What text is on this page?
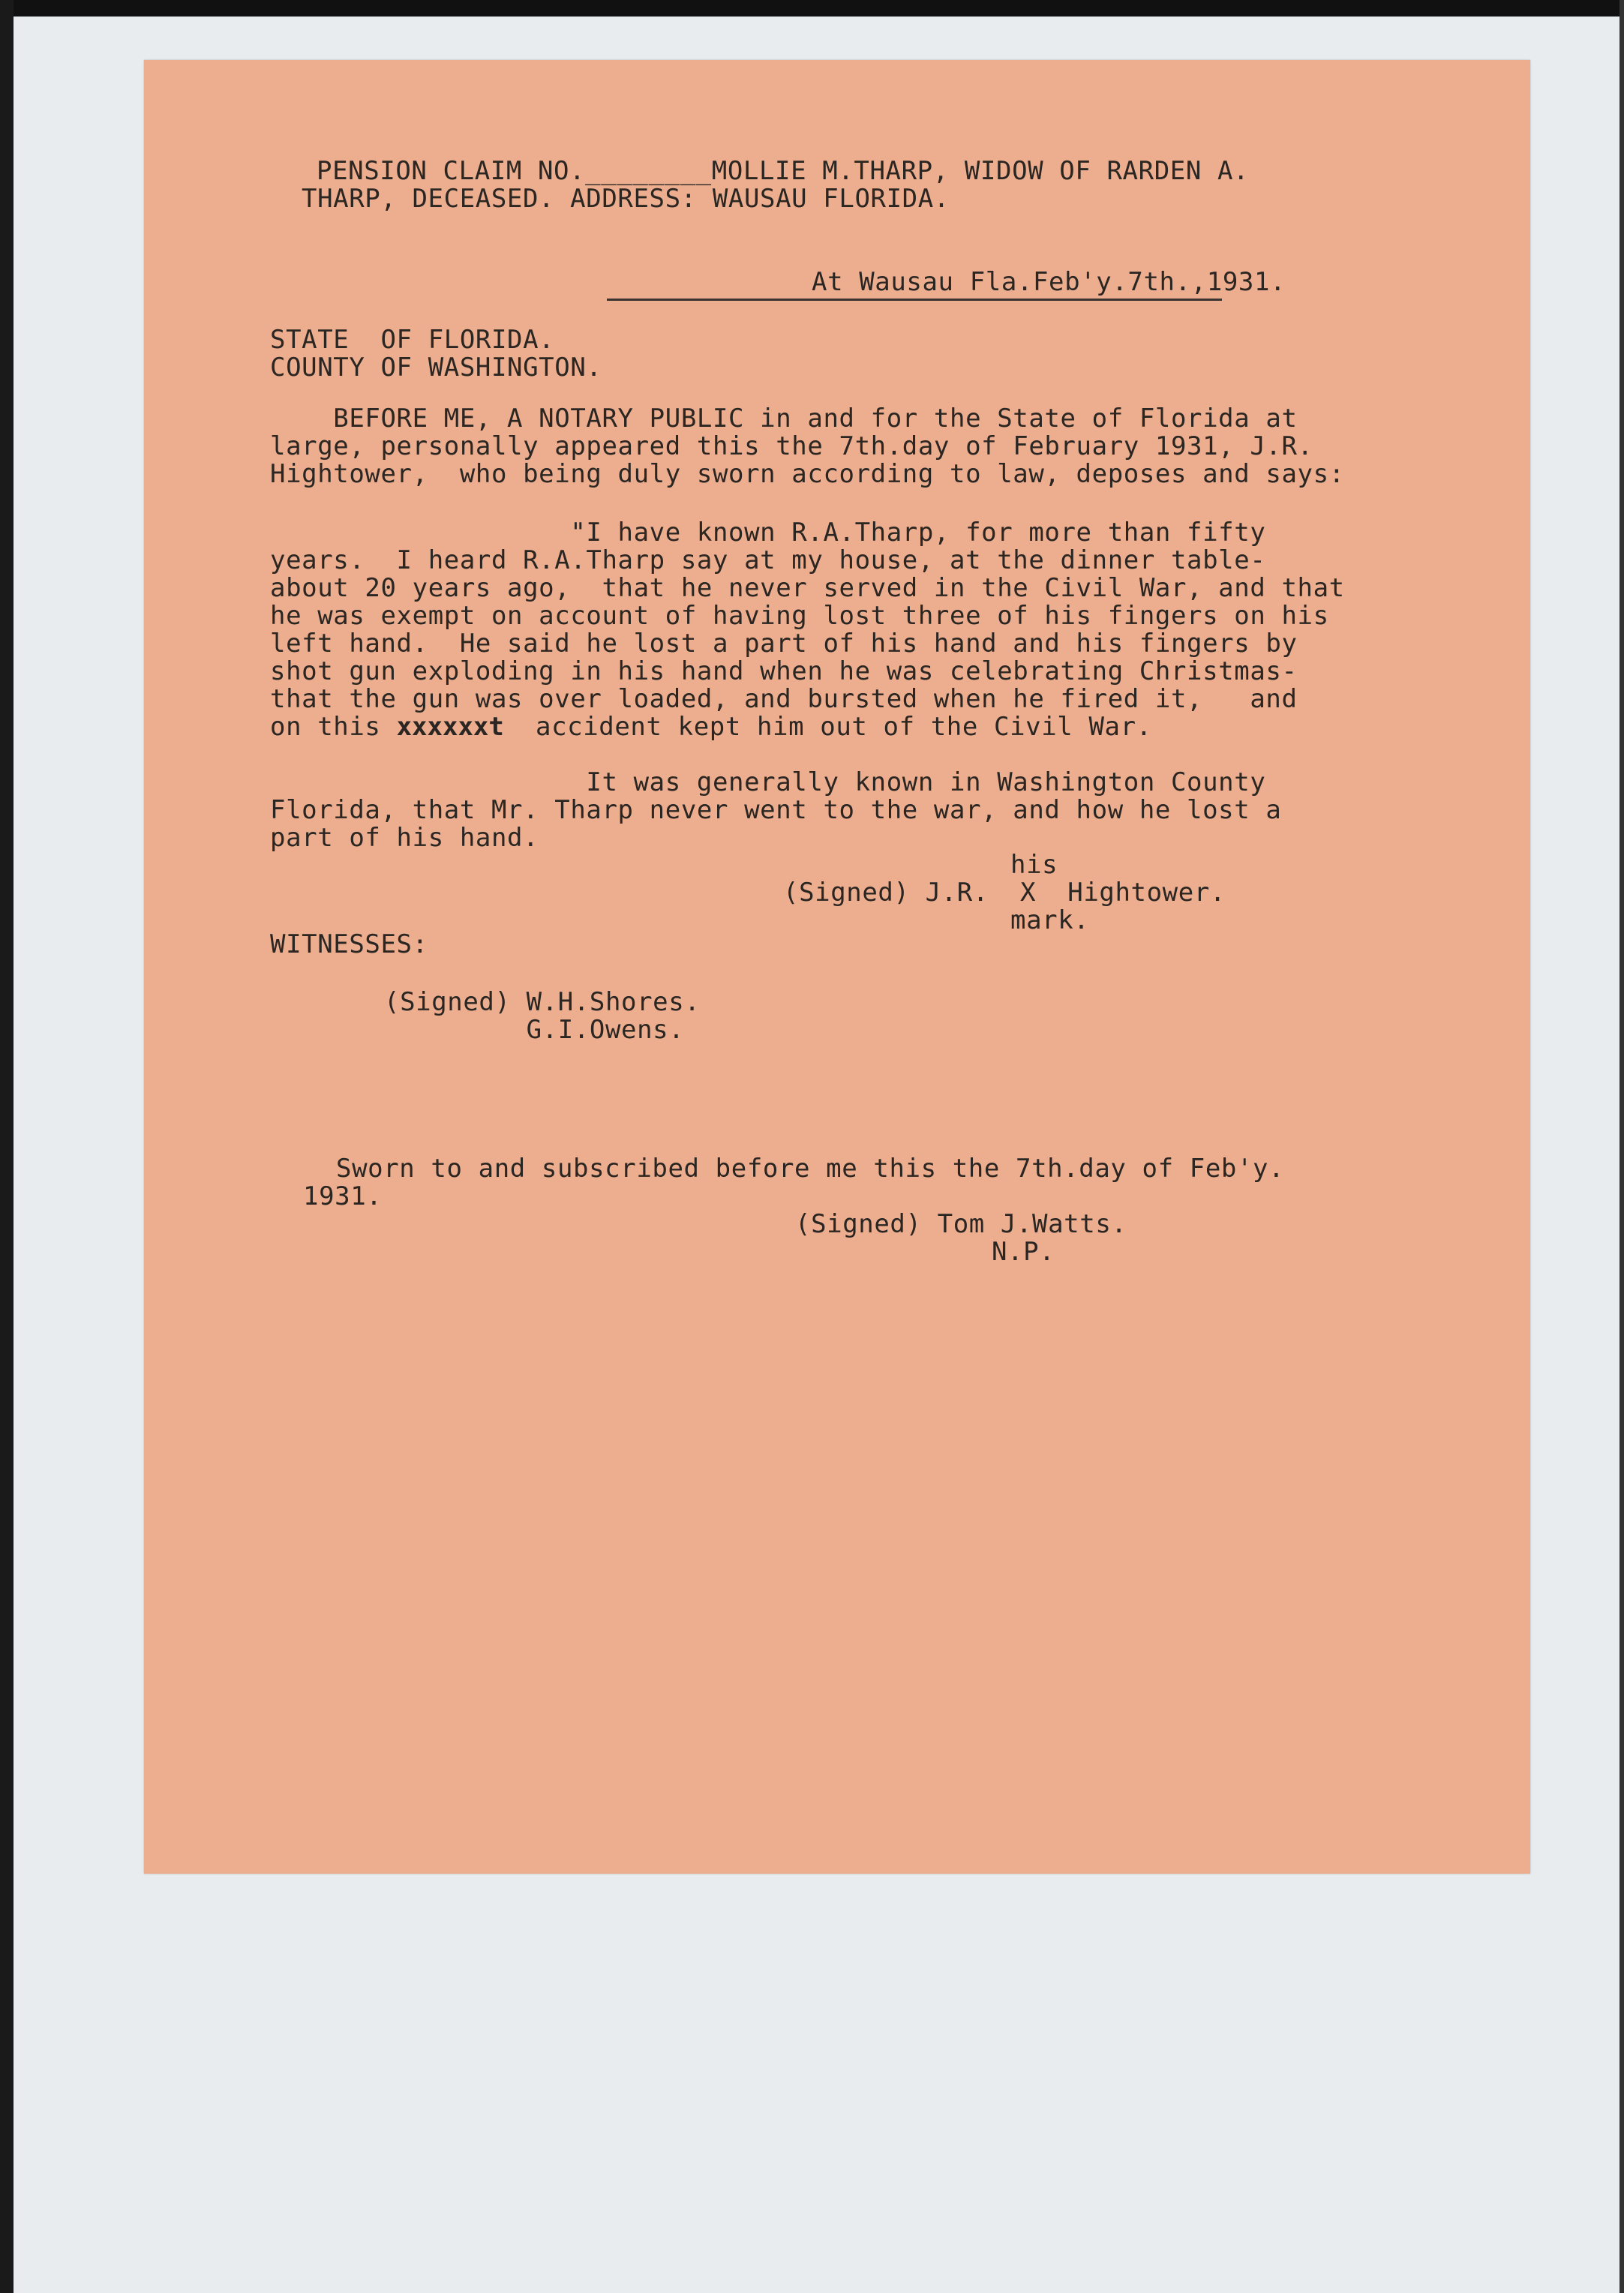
PENSION CLAIM NO.________MOLLIE M.THARP, WIDOW OF RARDEN A.
THARP, DECEASED. ADDRESS: WAUSAU FLORIDA.
At Wausau Fla.Feb'y.7th.,1931.
STATE  OF FLORIDA.
COUNTY OF WASHINGTON.
BEFORE ME, A NOTARY PUBLIC in and for the State of Florida at
large, personally appeared this the 7th.day of February 1931, J.R.
Hightower,  who being duly sworn according to law, deposes and says:
"I have known R.A.Tharp, for more than fifty
years.  I heard R.A.Tharp say at my house, at the dinner table-
about 20 years ago,  that he never served in the Civil War, and that
he was exempt on account of having lost three of his fingers on his
left hand.  He said he lost a part of his hand and his fingers by
shot gun exploding in his hand when he was celebrating Christmas-
that the gun was over loaded, and bursted when he fired it,   and
on this xxxxxxt  accident kept him out of the Civil War.
It was generally known in Washington County
Florida, that Mr. Tharp never went to the war, and how he lost a
part of his hand.
his
(Signed) J.R.  X  Hightower.
mark.
WITNESSES:
(Signed) W.H.Shores.
G.I.Owens.
Sworn to and subscribed before me this the 7th.day of Feb'y.
1931.
(Signed) Tom J.Watts.
N.P.
